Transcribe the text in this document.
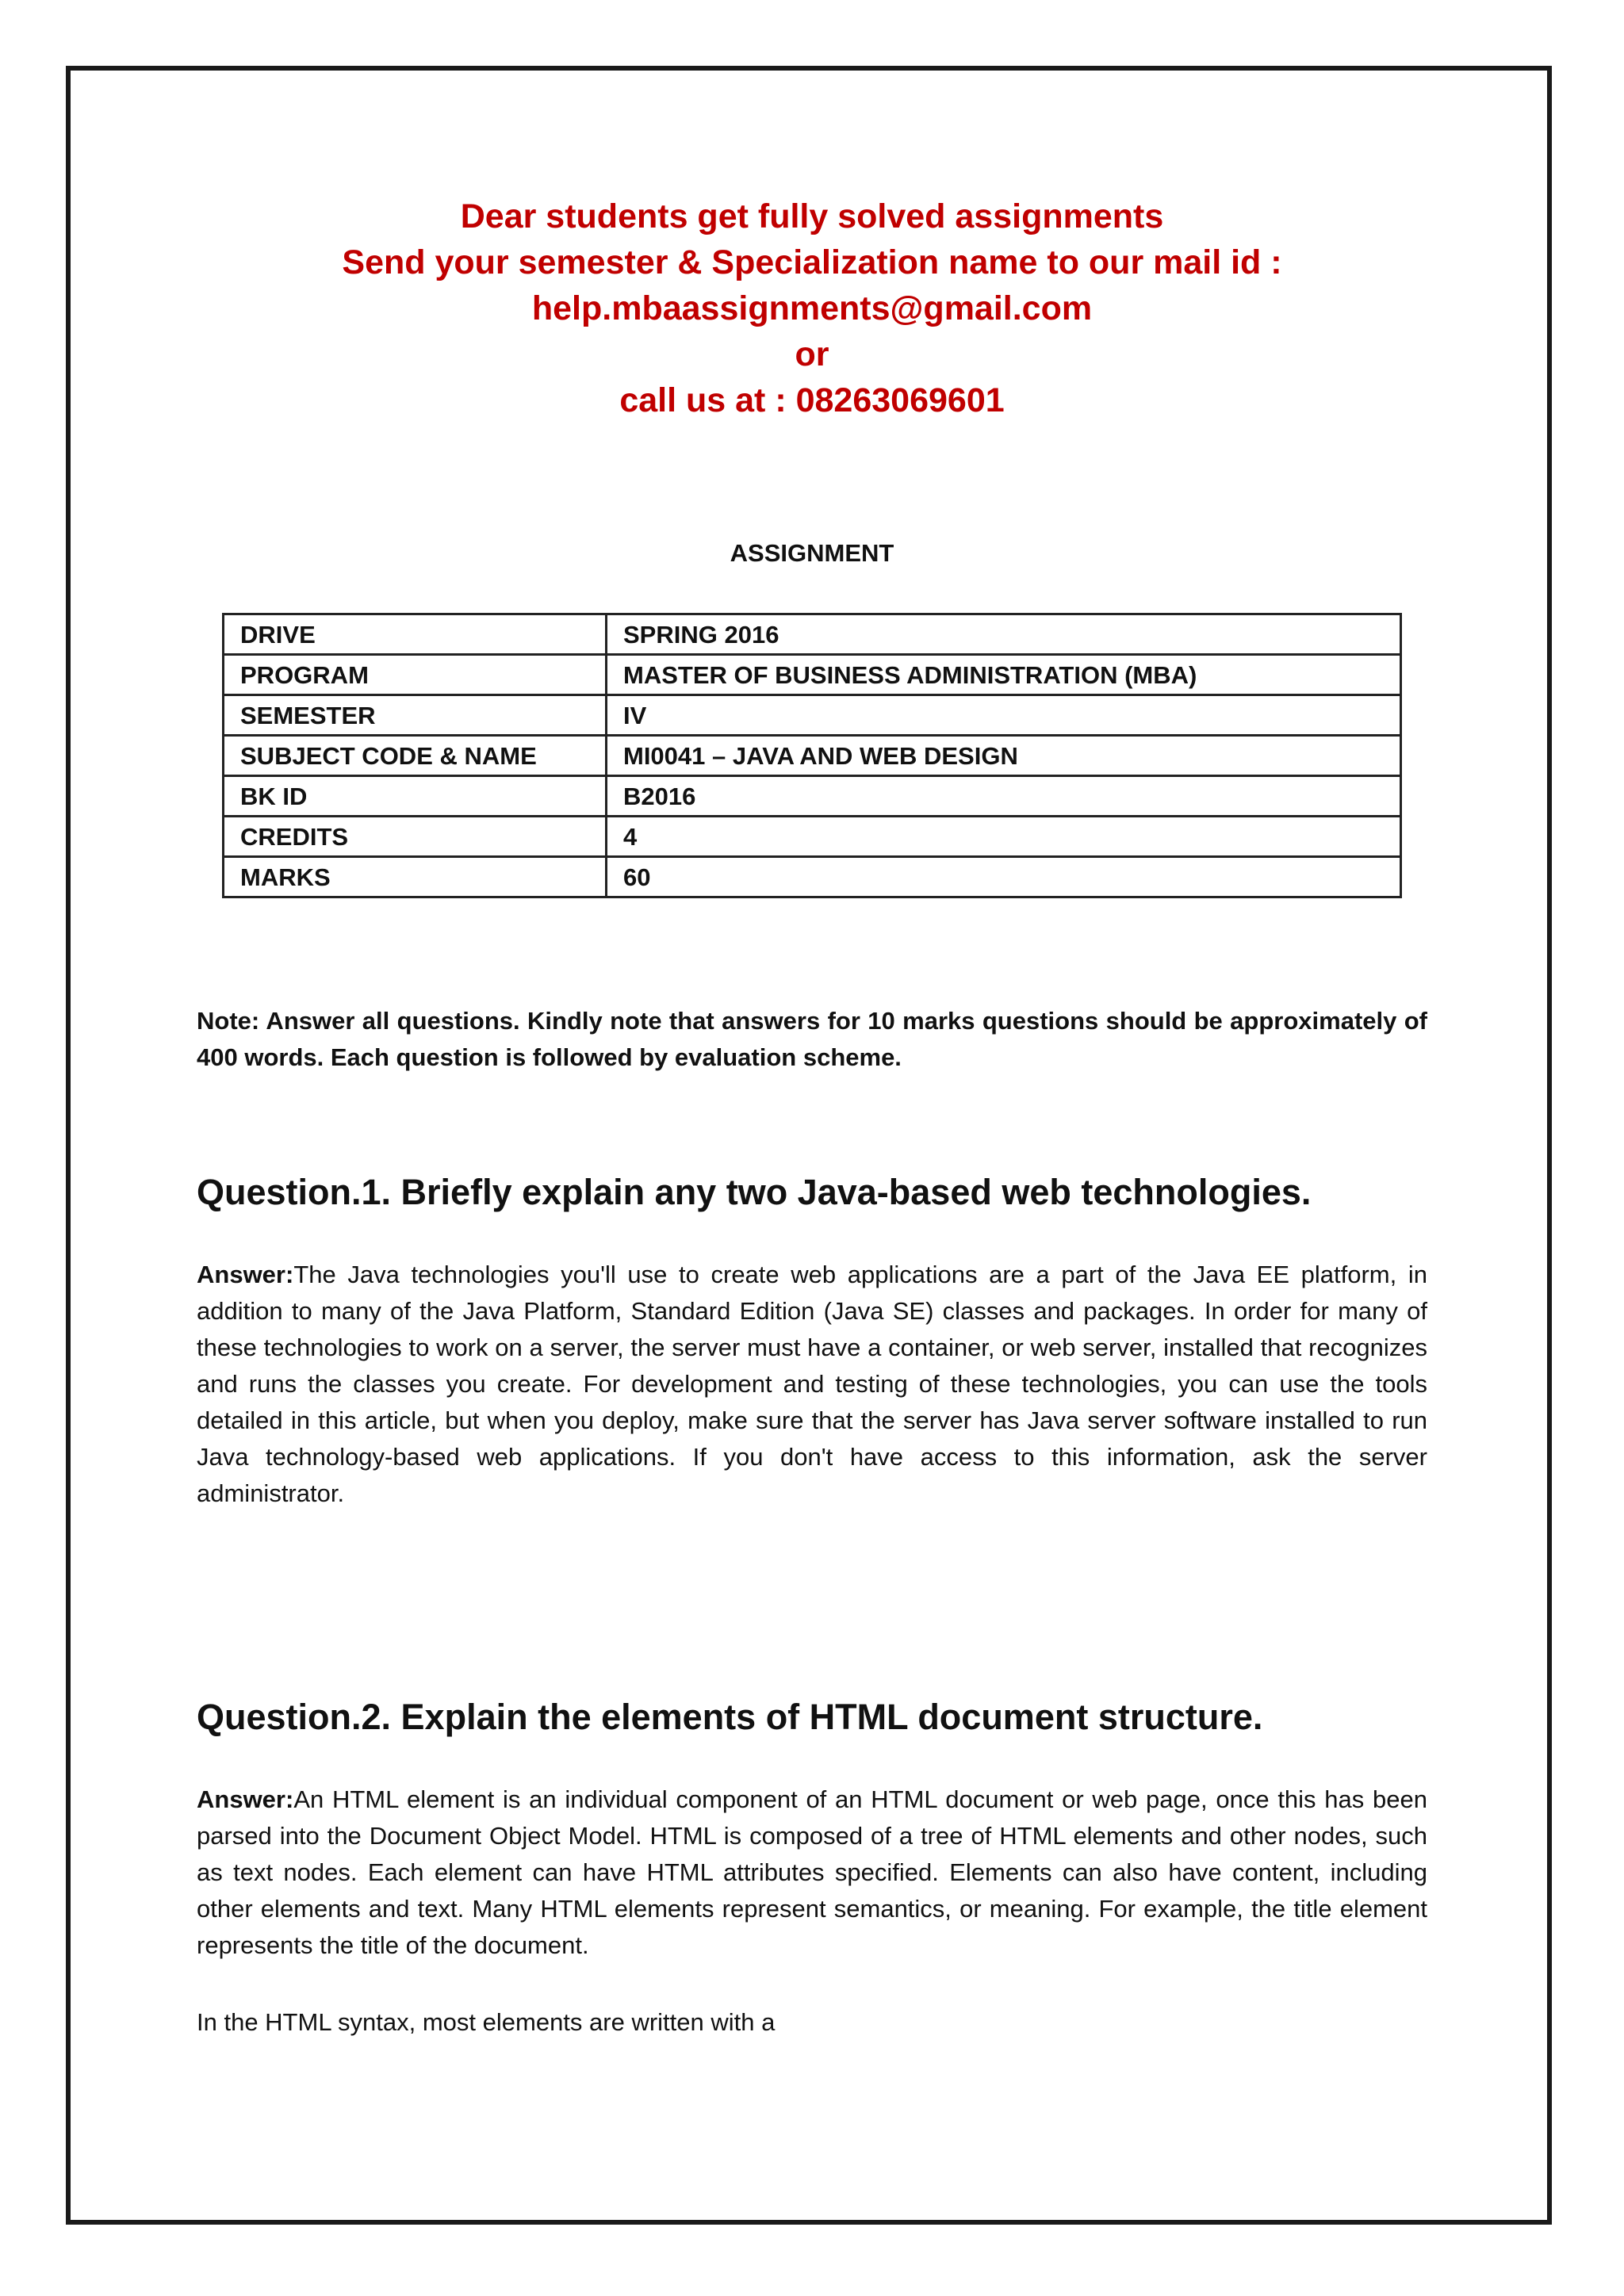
Dear students get fully solved assignments
Send your semester & Specialization name to our mail id :
help.mbaassignments@gmail.com
or
call us at : 08263069601
ASSIGNMENT
DRIVE	SPRING 2016
PROGRAM	MASTER OF BUSINESS ADMINISTRATION (MBA)
SEMESTER	IV
SUBJECT CODE & NAME	MI0041 – JAVA AND WEB DESIGN
BK ID	B2016
CREDITS	4
MARKS	60
Note: Answer all questions. Kindly note that answers for 10 marks questions should be approximately of 400 words. Each question is followed by evaluation scheme.
Question.1. Briefly explain any two Java-based web technologies.
Answer:The Java technologies you'll use to create web applications are a part of the Java EE platform, in addition to many of the Java Platform, Standard Edition (Java SE) classes and packages. In order for many of these technologies to work on a server, the server must have a container, or web server, installed that recognizes and runs the classes you create. For development and testing of these technologies, you can use the tools detailed in this article, but when you deploy, make sure that the server has Java server software installed to run Java technology-based web applications. If you don't have access to this information, ask the server administrator.
Question.2. Explain the elements of HTML document structure.
Answer:An HTML element is an individual component of an HTML document or web page, once this has been parsed into the Document Object Model. HTML is composed of a tree of HTML elements and other nodes, such as text nodes. Each element can have HTML attributes specified. Elements can also have content, including other elements and text. Many HTML elements represent semantics, or meaning. For example, the title element represents the title of the document.
In the HTML syntax, most elements are written with a
